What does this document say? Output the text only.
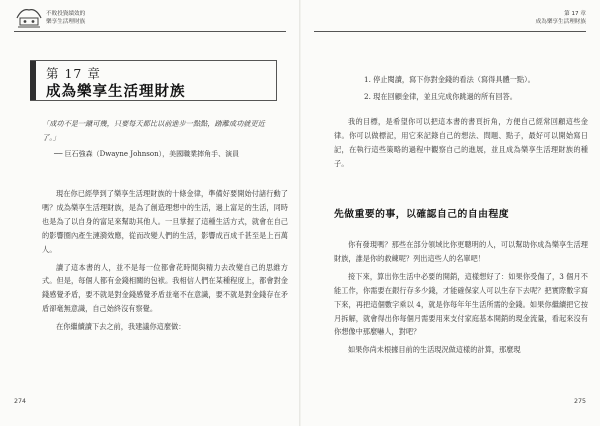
不敗投資績效的
樂享生活理財族
第 17 章
成為樂享生活理財族
「成功不是一蹴可幾，只要每天都比以前進步一點點，踏離成功就更近了。」
── 巨石強森（Dwayne Johnson），美國職業摔角手、演員

現在你已經學到了樂享生活理財族的十條金律，準備好要開始付諸行動了嗎？成為樂享生活理財族，是為了創造理想中的生活，過上富足的生活，同時也是為了以自身的富足來幫助其他人。一旦掌握了這種生活方式，就會在自己的影響圈內產生漣漪效應，從而改變人們的生活，影響成百成千甚至是上百萬人。

讀了這本書的人，並不是每一位都會花時間與精力去改變自己的思維方式。但是，每個人都有金錢相關的包袱。我相信人們在某種程度上，都會對金錢感覺矛盾，要不就是對金錢感覺矛盾並毫不在意識，要不就是對金錢存在矛盾卻毫無意識，自己始終沒有察覺。

在你繼續讀下去之前，我建議你這麼做：

274
第 17 章
成為樂享生活理財族
1. 停止閱讀，寫下你對金錢的看法（寫得具體一點）。
2. 現在回顧金律，並且完成你跳過的所有回答。

我的目標，是希望你可以把這本書的書頁折角，方便自己經常回顧這些金律。你可以做標記，用它來記錄自己的想法、問題、點子，最好可以開始寫日記，在執行這些策略的過程中觀察自己的進展，並且成為樂享生活理財族的種子。

先做重要的事，以確認自己的自由程度

你有發現嗎？那些在部分領域比你更聰明的人，可以幫助你成為樂享生活理財族，誰是你的救練呢？列出這些人的名單吧！

接下來，算出你生活中必要的開銷，這樣想好了：如果你受傷了，3 個月不能工作，你需要在銀行存多少錢，才能確保家人可以生存下去呢？把實際數字寫下來，再把這個數字乘以 4，就是你每年年生活所需的金錢。如果你繼續把它按月拆解，就會得出你每個月需要用來支付家庭基本開銷的現金流量，看起來沒有你想像中那麼嚇人，對吧？

如果你尚未根據目前的生活現況做這樣的計算，那麼現

275
